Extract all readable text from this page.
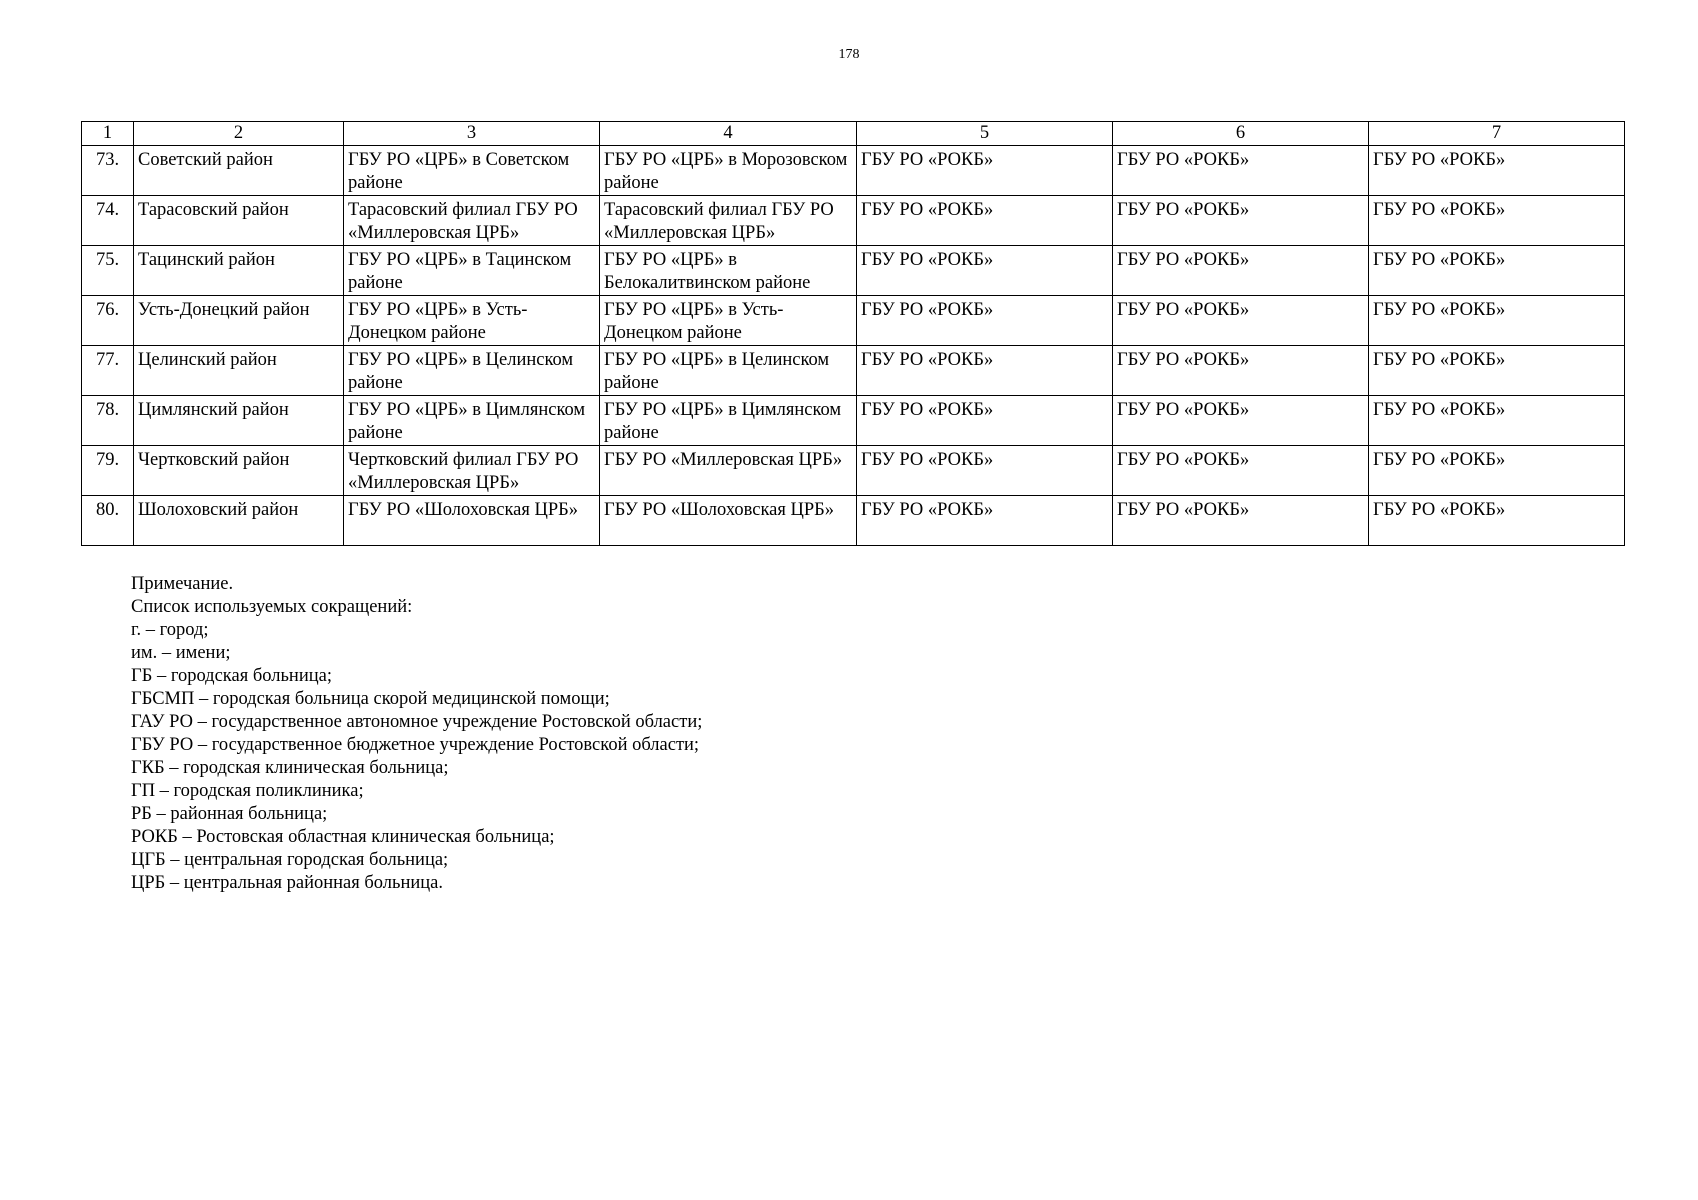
178
1	2	3	4	5	6	7
73.	Советский район	ГБУ РО «ЦРБ» в Советском районе	ГБУ РО «ЦРБ» в Морозовском районе	ГБУ РО «РОКБ»	ГБУ РО «РОКБ»	ГБУ РО «РОКБ»
74.	Тарасовский район	Тарасовский филиал ГБУ РО «Миллеровская ЦРБ»	Тарасовский филиал ГБУ РО «Миллеровская ЦРБ»	ГБУ РО «РОКБ»	ГБУ РО «РОКБ»	ГБУ РО «РОКБ»
75.	Тацинский район	ГБУ РО «ЦРБ» в Тацинском районе	ГБУ РО «ЦРБ» в Белокалитвинском районе	ГБУ РО «РОКБ»	ГБУ РО «РОКБ»	ГБУ РО «РОКБ»
76.	Усть-Донецкий район	ГБУ РО «ЦРБ» в Усть-Донецком районе	ГБУ РО «ЦРБ» в Усть-Донецком районе	ГБУ РО «РОКБ»	ГБУ РО «РОКБ»	ГБУ РО «РОКБ»
77.	Целинский район	ГБУ РО «ЦРБ» в Целинском районе	ГБУ РО «ЦРБ» в Целинском районе	ГБУ РО «РОКБ»	ГБУ РО «РОКБ»	ГБУ РО «РОКБ»
78.	Цимлянский район	ГБУ РО «ЦРБ» в Цимлянском районе	ГБУ РО «ЦРБ» в Цимлянском районе	ГБУ РО «РОКБ»	ГБУ РО «РОКБ»	ГБУ РО «РОКБ»
79.	Чертковский район	Чертковский филиал ГБУ РО «Миллеровская ЦРБ»	ГБУ РО «Миллеровская ЦРБ»	ГБУ РО «РОКБ»	ГБУ РО «РОКБ»	ГБУ РО «РОКБ»
80.	Шолоховский район	ГБУ РО «Шолоховская ЦРБ»	ГБУ РО «Шолоховская ЦРБ»	ГБУ РО «РОКБ»	ГБУ РО «РОКБ»	ГБУ РО «РОКБ»
Примечание.
Список используемых сокращений:
г. – город;
им. – имени;
ГБ – городская больница;
ГБСМП – городская больница скорой медицинской помощи;
ГАУ РО – государственное автономное учреждение Ростовской области;
ГБУ РО – государственное бюджетное учреждение Ростовской области;
ГКБ – городская клиническая больница;
ГП – городская поликлиника;
РБ – районная больница;
РОКБ – Ростовская областная клиническая больница;
ЦГБ – центральная городская больница;
ЦРБ – центральная районная больница.
